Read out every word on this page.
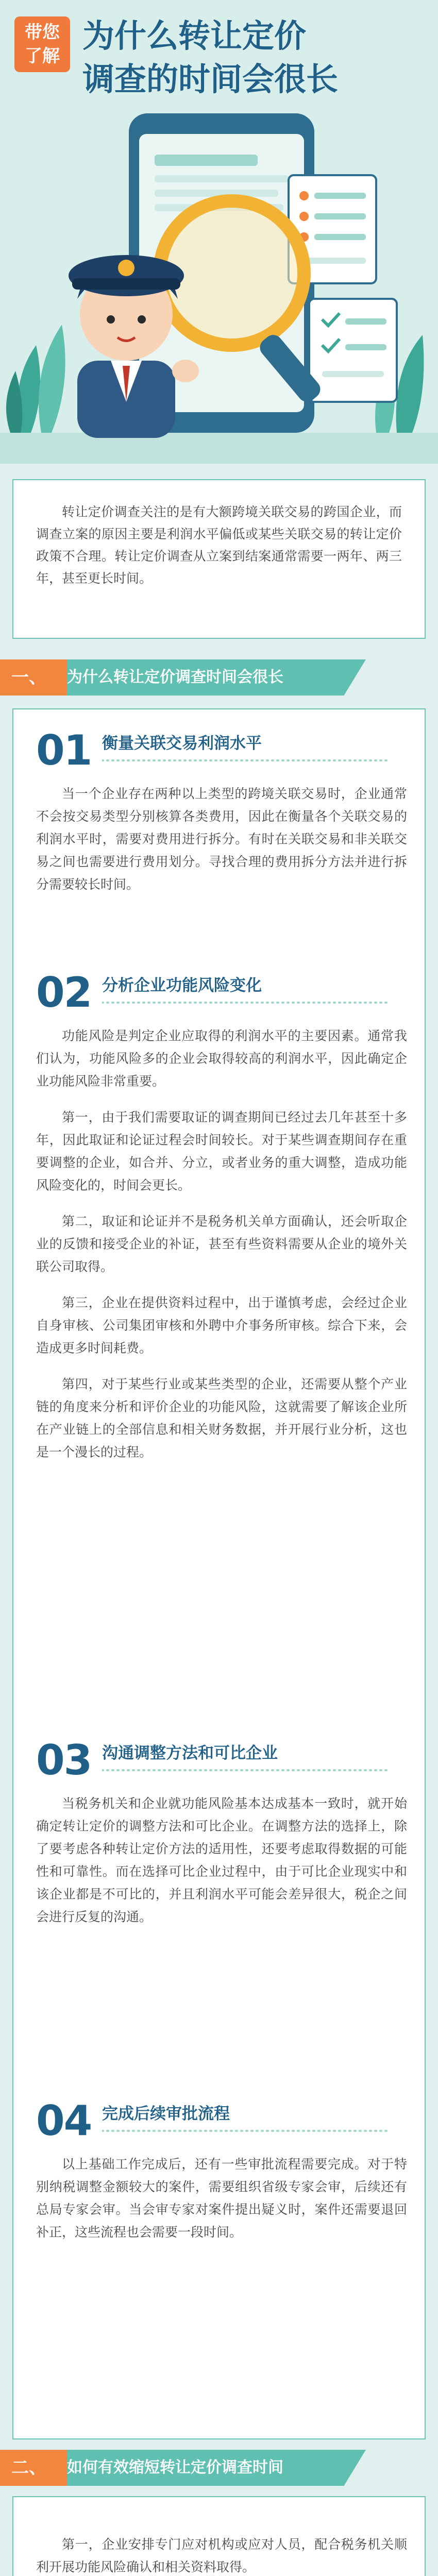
带您
了解
为什么转让定价
调查的时间会很长

转让定价调查关注的是有大额跨境关联交易的跨国企业，而调查立案的原因主要是利润水平偏低或某些关联交易的转让定价政策不合理。转让定价调查从立案到结案通常需要一两年、两三年，甚至更长时间。

一、 为什么转让定价调查时间会很长
01 衡量关联交易利润水平

当一个企业存在两种以上类型的跨境关联交易时，企业通常不会按交易类型分别核算各类费用，因此在衡量各个关联交易的利润水平时，需要对费用进行拆分。有时在关联交易和非关联交易之间也需要进行费用划分。寻找合理的费用拆分方法并进行拆分需要较长时间。

02 分析企业功能风险变化

功能风险是判定企业应取得的利润水平的主要因素。通常我们认为，功能风险多的企业会取得较高的利润水平，因此确定企业功能风险非常重要。

第一，由于我们需要取证的调查期间已经过去几年甚至十多年，因此取证和论证过程会时间较长。对于某些调查期间存在重要调整的企业，如合并、分立，或者业务的重大调整，造成功能风险变化的，时间会更长。

第二，取证和论证并不是税务机关单方面确认，还会听取企业的反馈和接受企业的补证，甚至有些资料需要从企业的境外关联公司取得。

第三，企业在提供资料过程中，出于谨慎考虑，会经过企业自身审核、公司集团审核和外聘中介事务所审核。综合下来，会造成更多时间耗费。

第四，对于某些行业或某些类型的企业，还需要从整个产业链的角度来分析和评价企业的功能风险，这就需要了解该企业所在产业链上的全部信息和相关财务数据，并开展行业分析，这也是一个漫长的过程。

03 沟通调整方法和可比企业

当税务机关和企业就功能风险基本达成基本一致时，就开始确定转让定价的调整方法和可比企业。在调整方法的选择上，除了要考虑各种转让定价方法的适用性，还要考虑取得数据的可能性和可靠性。而在选择可比企业过程中，由于可比企业现实中和该企业都是不可比的，并且利润水平可能会差异很大，税企之间会进行反复的沟通。

04 完成后续审批流程

以上基础工作完成后，还有一些审批流程需要完成。对于特别纳税调整金额较大的案件，需要组织省级专家会审，后续还有总局专家会审。当会审专家对案件提出疑义时，案件还需要退回补正，这些流程也会需要一段时间。

二、 如何有效缩短转让定价调查时间

第一，企业安排专门应对机构或应对人员，配合税务机关顺利开展功能风险确认和相关资料取得。
